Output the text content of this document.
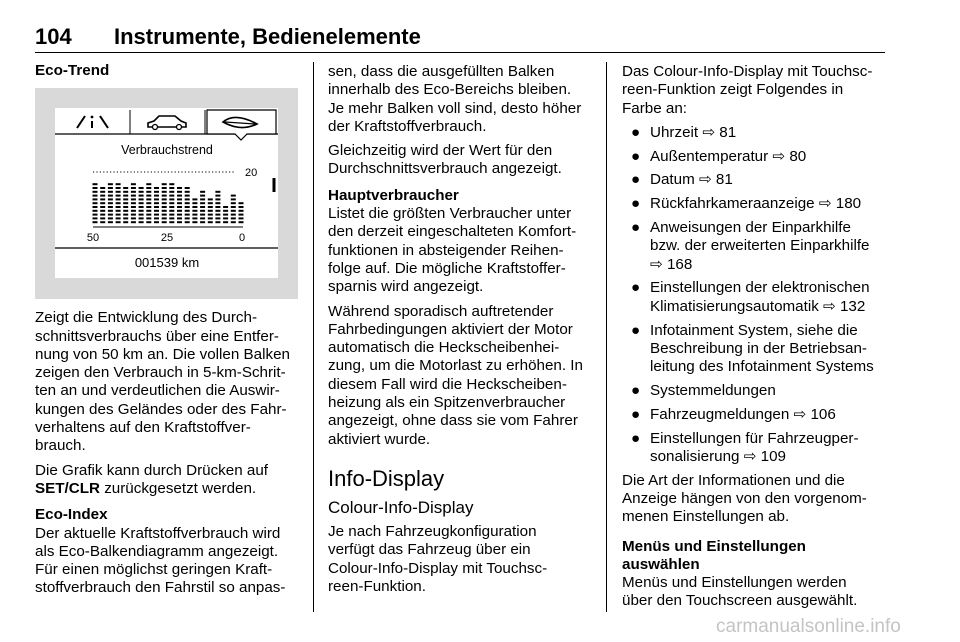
104 Instrumente, Bedienelemente
Eco-Trend
Verbrauchstrend
20
50	25	0
001539 km
Zeigt die Entwicklung des Durch-
schnittsverbrauchs über eine Entfer-
nung von 50 km an. Die vollen Balken
zeigen den Verbrauch in 5-km-Schrit-
ten an und verdeutlichen die Auswir-
kungen des Geländes oder des Fahr-
verhaltens auf den Kraftstoffver-
brauch.
Die Grafik kann durch Drücken auf
SET/CLR zurückgesetzt werden.
Eco-Index
Der aktuelle Kraftstoffverbrauch wird
als Eco-Balkendiagramm angezeigt.
Für einen möglichst geringen Kraft-
stoffverbrauch den Fahrstil so anpas-
sen, dass die ausgefüllten Balken
innerhalb des Eco-Bereichs bleiben.
Je mehr Balken voll sind, desto höher
der Kraftstoffverbrauch.
Gleichzeitig wird der Wert für den
Durchschnittsverbrauch angezeigt.
Hauptverbraucher
Listet die größten Verbraucher unter
den derzeit eingeschalteten Komfort-
funktionen in absteigender Reihen-
folge auf. Die mögliche Kraftstoffer-
sparnis wird angezeigt.
Während sporadisch auftretender
Fahrbedingungen aktiviert der Motor
automatisch die Heckscheibenhei-
zung, um die Motorlast zu erhöhen. In
diesem Fall wird die Heckscheiben-
heizung als ein Spitzenverbraucher
angezeigt, ohne dass sie vom Fahrer
aktiviert wurde.
Info-Display
Colour-Info-Display
Je nach Fahrzeugkonfiguration
verfügt das Fahrzeug über ein
Colour-Info-Display mit Touchsc-
reen-Funktion.
Das Colour-Info-Display mit Touchsc-
reen-Funktion zeigt Folgendes in
Farbe an:
● Uhrzeit ⇨ 81
● Außentemperatur ⇨ 80
● Datum ⇨ 81
● Rückfahrkameraanzeige ⇨ 180
● Anweisungen der Einparkhilfe
bzw. der erweiterten Einparkhilfe
⇨ 168
● Einstellungen der elektronischen
Klimatisierungsautomatik ⇨ 132
● Infotainment System, siehe die
Beschreibung in der Betriebsan-
leitung des Infotainment Systems
● Systemmeldungen
● Fahrzeugmeldungen ⇨ 106
● Einstellungen für Fahrzeugper-
sonalisierung ⇨ 109
Die Art der Informationen und die
Anzeige hängen von den vorgenom-
menen Einstellungen ab.
Menüs und Einstellungen auswählen
Menüs und Einstellungen werden
über den Touchscreen ausgewählt.
carmanualsonline.info
